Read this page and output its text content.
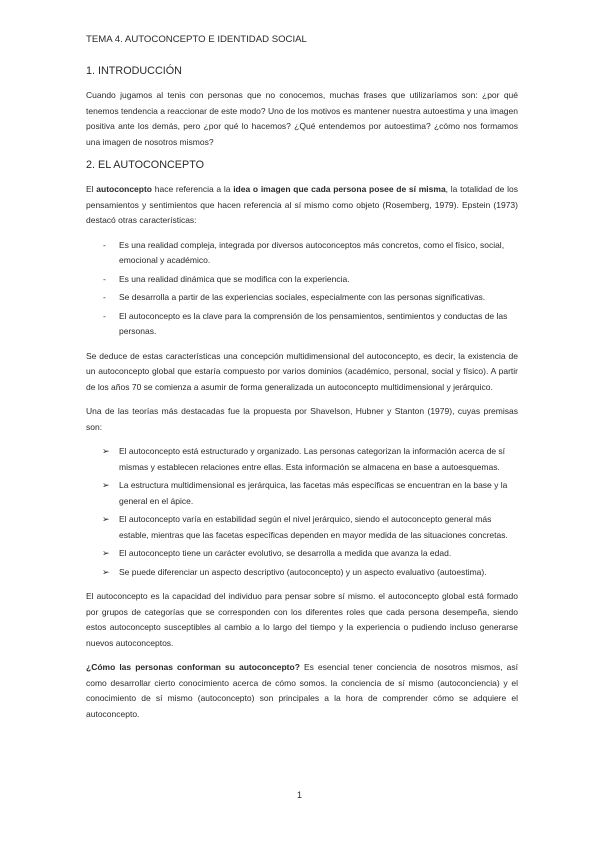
TEMA 4. AUTOCONCEPTO E IDENTIDAD SOCIAL
1. INTRODUCCIÓN

Cuando jugamos al tenis con personas que no conocemos, muchas frases que utilizaríamos son: ¿por qué tenemos tendencia a reaccionar de este modo? Uno de los motivos es mantener nuestra autoestima y una imagen positiva ante los demás, pero ¿por qué lo hacemos? ¿Qué entendemos por autoestima? ¿cómo nos formamos una imagen de nosotros mismos?

2. EL AUTOCONCEPTO

El autoconcepto hace referencia a la idea o imagen que cada persona posee de sí misma, la totalidad de los pensamientos y sentimientos que hacen referencia al sí mismo como objeto (Rosemberg, 1979). Epstein (1973) destacó otras características:

- Es una realidad compleja, integrada por diversos autoconceptos más concretos, como el físico, social, emocional y académico.
- Es una realidad dinámica que se modifica con la experiencia.
- Se desarrolla a partir de las experiencias sociales, especialmente con las personas significativas.
- El autoconcepto es la clave para la comprensión de los pensamientos, sentimientos y conductas de las personas.

Se deduce de estas características una concepción multidimensional del autoconcepto, es decir, la existencia de un autoconcepto global que estaría compuesto por varios dominios (académico, personal, social y físico). A partir de los años 70 se comienza a asumir de forma generalizada un autoconcepto multidimensional y jerárquico.

Una de las teorías más destacadas fue la propuesta por Shavelson, Hubner y Stanton (1979), cuyas premisas son:

➢ El autoconcepto está estructurado y organizado. Las personas categorizan la información acerca de sí mismas y establecen relaciones entre ellas. Esta información se almacena en base a autoesquemas.
➢ La estructura multidimensional es jerárquica, las facetas más específicas se encuentran en la base y la general en el ápice.
➢ El autoconcepto varía en estabilidad según el nivel jerárquico, siendo el autoconcepto general más estable, mientras que las facetas específicas dependen en mayor medida de las situaciones concretas.
➢ El autoconcepto tiene un carácter evolutivo, se desarrolla a medida que avanza la edad.
➢ Se puede diferenciar un aspecto descriptivo (autoconcepto) y un aspecto evaluativo (autoestima).

El autoconcepto es la capacidad del individuo para pensar sobre sí mismo. el autoconcepto global está formado por grupos de categorías que se corresponden con los diferentes roles que cada persona desempeña, siendo estos autoconcepto susceptibles al cambio a lo largo del tiempo y la experiencia o pudiendo incluso generarse nuevos autoconceptos.

¿Cómo las personas conforman su autoconcepto? Es esencial tener conciencia de nosotros mismos, así como desarrollar cierto conocimiento acerca de cómo somos. la conciencia de sí mismo (autoconciencia) y el conocimiento de sí mismo (autoconcepto) son principales a la hora de comprender cómo se adquiere el autoconcepto.

1
